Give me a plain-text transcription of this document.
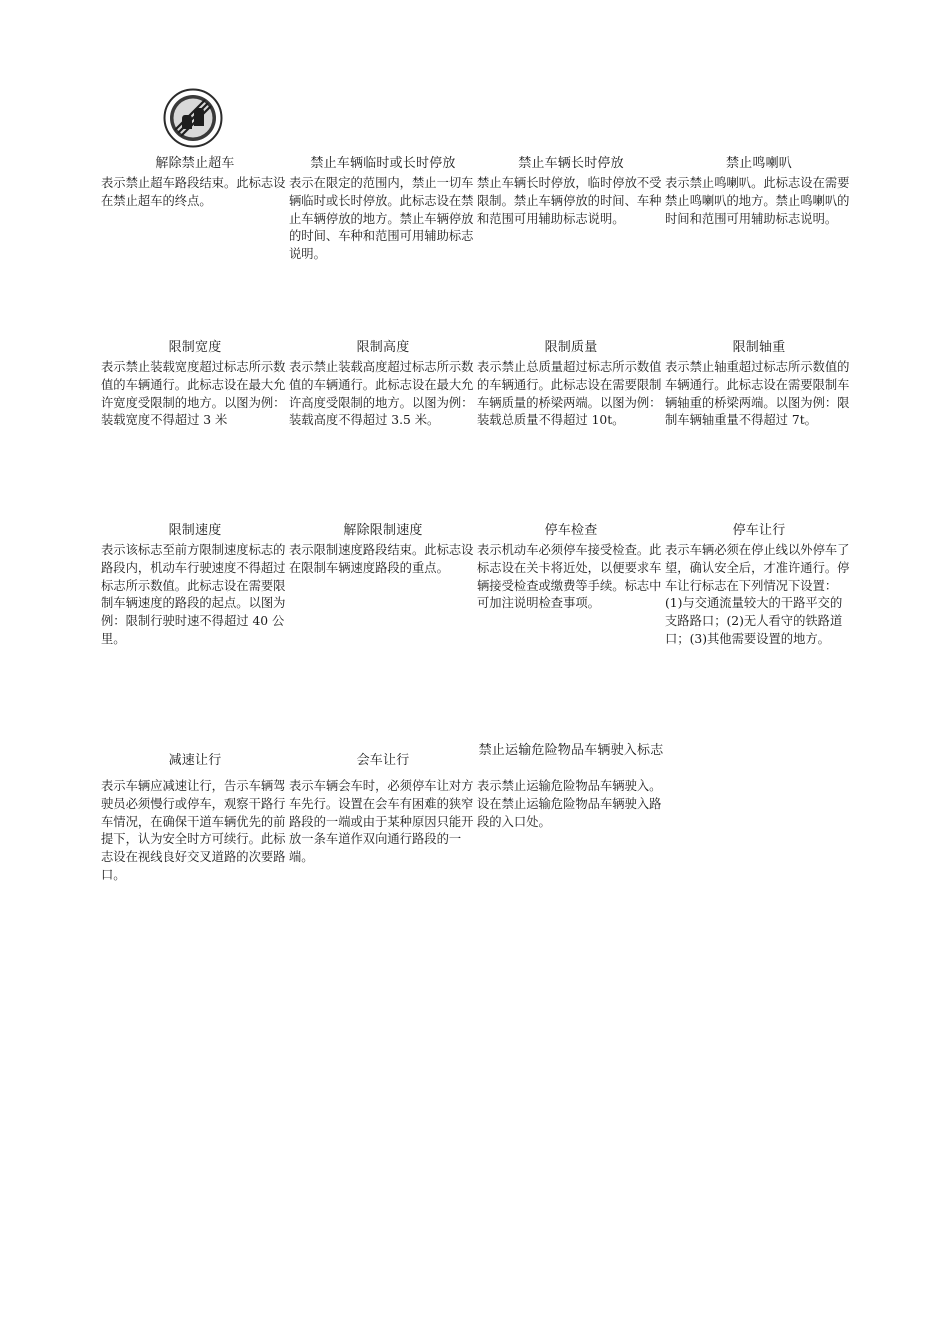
解除禁止超车
表示禁止超车路段结束。此标志设在禁止超车的终点。
禁止车辆临时或长时停放
表示在限定的范围内，禁止一切车辆临时或长时停放。此标志设在禁止车辆停放的地方。禁止车辆停放的时间、车种和范围可用辅助标志说明。
禁止车辆长时停放
禁止车辆长时停放，临时停放不受限制。禁止车辆停放的时间、车种和范围可用辅助标志说明。
禁止鸣喇叭
表示禁止鸣喇叭。此标志设在需要禁止鸣喇叭的地方。禁止鸣喇叭的时间和范围可用辅助标志说明。
限制宽度
表示禁止装载宽度超过标志所示数值的车辆通行。此标志设在最大允许宽度受限制的地方。以图为例：装载宽度不得超过 3 米
限制高度
表示禁止装载高度超过标志所示数值的车辆通行。此标志设在最大允许高度受限制的地方。以图为例：装载高度不得超过 3.5 米。
限制质量
表示禁止总质量超过标志所示数值的车辆通行。此标志设在需要限制车辆质量的桥梁两端。以图为例：装载总质量不得超过 10t。
限制轴重
表示禁止轴重超过标志所示数值的车辆通行。此标志设在需要限制车辆轴重的桥梁两端。以图为例：限制车辆轴重量不得超过 7t。
限制速度
表示该标志至前方限制速度标志的路段内，机动车行驶速度不得超过标志所示数值。此标志设在需要限制车辆速度的路段的起点。以图为例：限制行驶时速不得超过 40 公里。
解除限制速度
表示限制速度路段结束。此标志设在限制车辆速度路段的重点。
停车检查
表示机动车必须停车接受检查。此标志设在关卡将近处，以便要求车辆接受检查或缴费等手续。标志中可加注说明检查事项。
停车让行
表示车辆必须在停止线以外停车了望，确认安全后，才准许通行。停车让行标志在下列情况下设置：(1)与交通流量较大的干路平交的支路路口；(2)无人看守的铁路道口；(3)其他需要设置的地方。
减速让行
表示车辆应减速让行，告示车辆驾驶员必须慢行或停车，观察干路行车情况，在确保干道车辆优先的前提下，认为安全时方可续行。此标志设在视线良好交叉道路的次要路口。
会车让行
表示车辆会车时，必须停车让对方车先行。设置在会车有困难的狭窄路段的一端或由于某种原因只能开放一条车道作双向通行路段的一端。
禁止运输危险物品车辆驶入标志
表示禁止运输危险物品车辆驶入。设在禁止运输危险物品车辆驶入路段的入口处。
